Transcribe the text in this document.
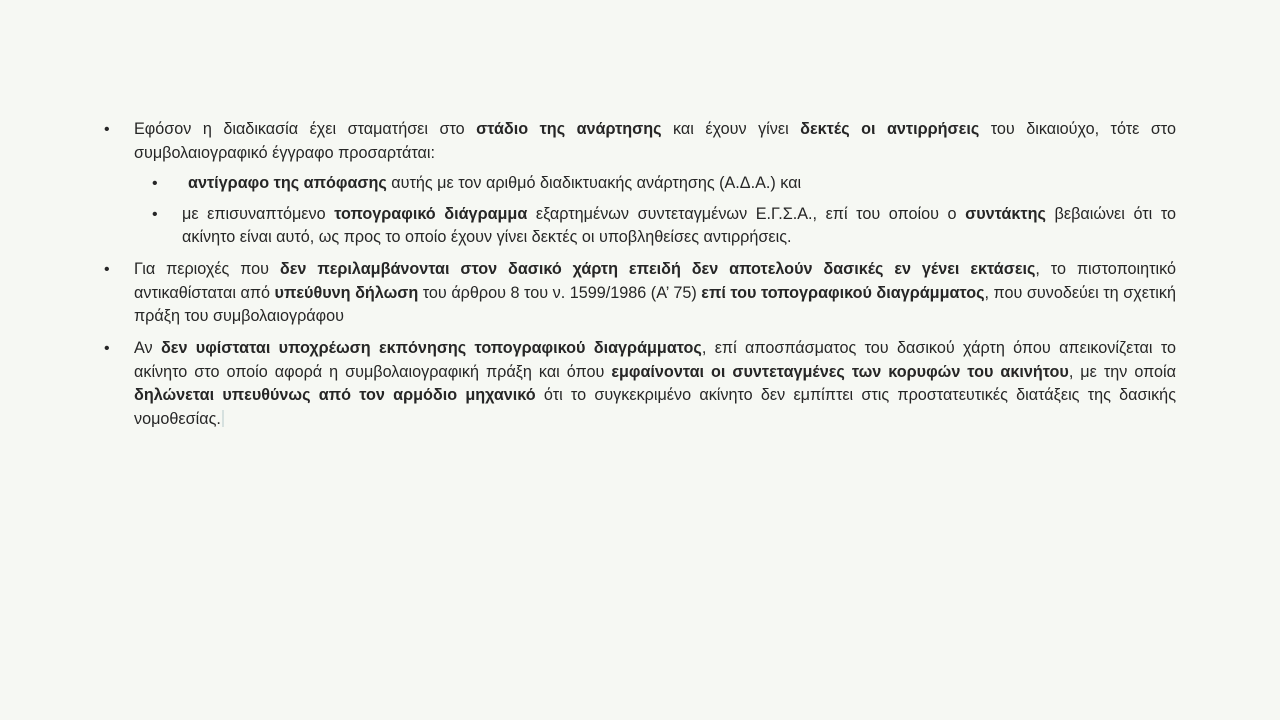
• Εφόσον η διαδικασία έχει σταματήσει στο στάδιο της ανάρτησης και έχουν γίνει δεκτές οι αντιρρήσεις του δικαιούχο, τότε στο συμβολαιογραφικό έγγραφο προσαρτάται:
• αντίγραφο της απόφασης αυτής με τον αριθμό διαδικτυακής ανάρτησης (Α.Δ.Α.) και
• με επισυναπτόμενο τοπογραφικό διάγραμμα εξαρτημένων συντεταγμένων Ε.Γ.Σ.Α., επί του οποίου ο συντάκτης βεβαιώνει ότι το ακίνητο είναι αυτό, ως προς το οποίο έχουν γίνει δεκτές οι υποβληθείσες αντιρρήσεις.
• Για περιοχές που δεν περιλαμβάνονται στον δασικό χάρτη επειδή δεν αποτελούν δασικές εν γένει εκτάσεις, το πιστοποιητικό αντικαθίσταται από υπεύθυνη δήλωση του άρθρου 8 του ν. 1599/1986 (Α’ 75) επί του τοπογραφικού διαγράμματος, που συνοδεύει τη σχετική πράξη του συμβολαιογράφου
• Αν δεν υφίσταται υποχρέωση εκπόνησης τοπογραφικού διαγράμματος, επί αποσπάσματος του δασικού χάρτη όπου απεικονίζεται το ακίνητο στο οποίο αφορά η συμβολαιογραφική πράξη και όπου εμφαίνονται οι συντεταγμένες των κορυφών του ακινήτου, με την οποία δηλώνεται υπευθύνως από τον αρμόδιο μηχανικό ότι το συγκεκριμένο ακίνητο δεν εμπίπτει στις προστατευτικές διατάξεις της δασικής νομοθεσίας.
